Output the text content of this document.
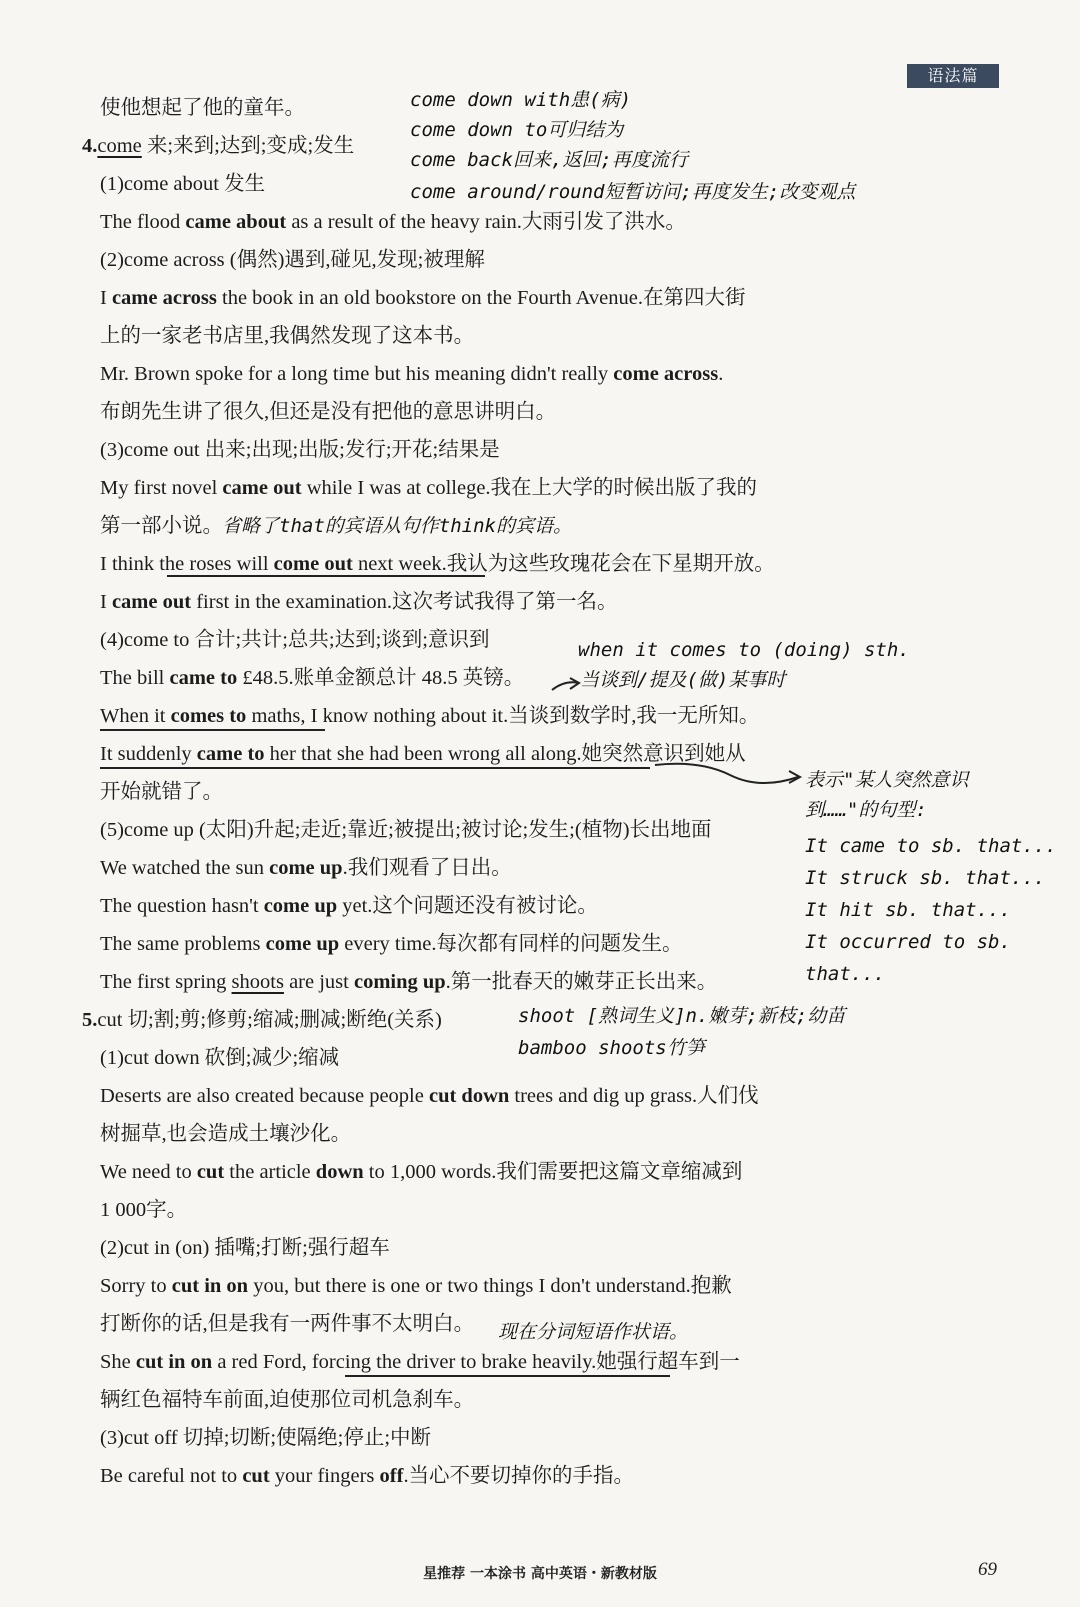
语法篇
使他想起了他的童年。
4.come 来;来到;达到;变成;发生
(1)come about 发生
The flood came about as a result of the heavy rain.大雨引发了洪水。
(2)come across (偶然)遇到,碰见,发现;被理解
I came across the book in an old bookstore on the Fourth Avenue.在第四大街
上的一家老书店里,我偶然发现了这本书。
Mr. Brown spoke for a long time but his meaning didn't really come across.
布朗先生讲了很久,但还是没有把他的意思讲明白。
(3)come out 出来;出现;出版;发行;开花;结果是
My first novel came out while I was at college.我在上大学的时候出版了我的
第一部小说。
I think the roses will come out next week.我认为这些玫瑰花会在下星期开放。
I came out first in the examination.这次考试我得了第一名。
(4)come to 合计;共计;总共;达到;谈到;意识到
The bill came to £48.5.账单金额总计 48.5 英镑。
When it comes to maths, I know nothing about it.当谈到数学时,我一无所知。
It suddenly came to her that she had been wrong all along.她突然意识到她从
开始就错了。
(5)come up (太阳)升起;走近;靠近;被提出;被讨论;发生;(植物)长出地面
We watched the sun come up.我们观看了日出。
The question hasn't come up yet.这个问题还没有被讨论。
The same problems come up every time.每次都有同样的问题发生。
The first spring shoots are just coming up.第一批春天的嫩芽正长出来。
5.cut 切;割;剪;修剪;缩减;删减;断绝(关系)
(1)cut down 砍倒;减少;缩减
Deserts are also created because people cut down trees and dig up grass.人们伐
树掘草,也会造成土壤沙化。
We need to cut the article down to 1,000 words.我们需要把这篇文章缩减到
1 000字。
(2)cut in (on) 插嘴;打断;强行超车
Sorry to cut in on you, but there is one or two things I don't understand.抱歉
打断你的话,但是我有一两件事不太明白。
She cut in on a red Ford, forcing the driver to brake heavily.她强行超车到一
辆红色福特车前面,迫使那位司机急刹车。
(3)cut off 切掉;切断;使隔绝;停止;中断
Be careful not to cut your fingers off.当心不要切掉你的手指。
come down with患(病)
come down to可归结为
come back回来,返回;再度流行
come around/round短暂访问;再度发生;改变观点
省略了that的宾语从句作think的宾语。
when it comes to (doing) sth.
当谈到/提及(做)某事时
表示"某人突然意识
到……"的句型:
It came to sb. that...
It struck sb. that...
It hit sb. that...
It occurred to sb.
that...
shoot [熟词生义]n.嫩芽;新枝;幼苗
bamboo shoots竹笋
现在分词短语作状语。
星推荐 一本涂书 高中英语・新教材版	69
